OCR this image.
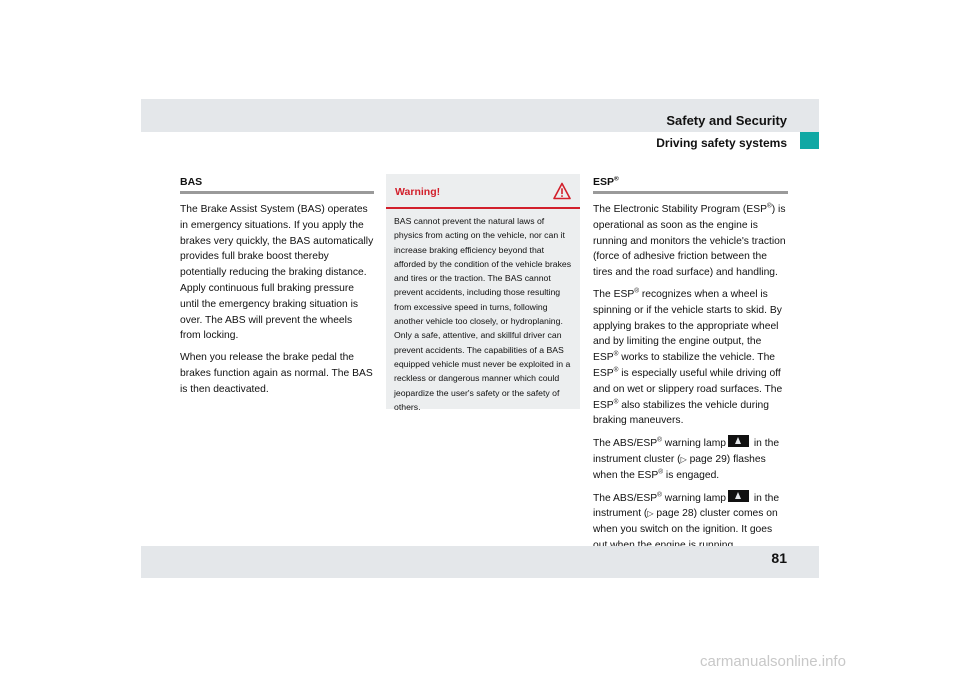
Safety and Security
Driving safety systems
BAS

The Brake Assist System (BAS) operates in emergency situations. If you apply the brakes very quickly, the BAS automatically provides full brake boost thereby potentially reducing the braking distance. Apply continuous full braking pressure until the emergency braking situation is over. The ABS will prevent the wheels from locking.

When you release the brake pedal the brakes function again as normal. The BAS is then deactivated.

Warning!
BAS cannot prevent the natural laws of physics from acting on the vehicle, nor can it increase braking efficiency beyond that afforded by the condition of the vehicle brakes and tires or the traction. The BAS cannot prevent accidents, including those resulting from excessive speed in turns, following another vehicle too closely, or hydroplaning. Only a safe, attentive, and skillful driver can prevent accidents. The capabilities of a BAS equipped vehicle must never be exploited in a reckless or dangerous manner which could jeopardize the user's safety or the safety of others.
ESP®

The Electronic Stability Program (ESP®) is operational as soon as the engine is running and monitors the vehicle's traction (force of adhesive friction between the tires and the road surface) and handling.

The ESP® recognizes when a wheel is spinning or if the vehicle starts to skid. By applying brakes to the appropriate wheel and by limiting the engine output, the ESP® works to stabilize the vehicle. The ESP® is especially useful while driving off and on wet or slippery road surfaces. The ESP® also stabilizes the vehicle during braking maneuvers.

The ABS/ESP® warning lamp in the instrument cluster (▷ page 29) flashes when the ESP® is engaged.

The ABS/ESP® warning lamp in the instrument (▷ page 28) cluster comes on when you switch on the ignition. It goes

81
carmanualsonline.info
